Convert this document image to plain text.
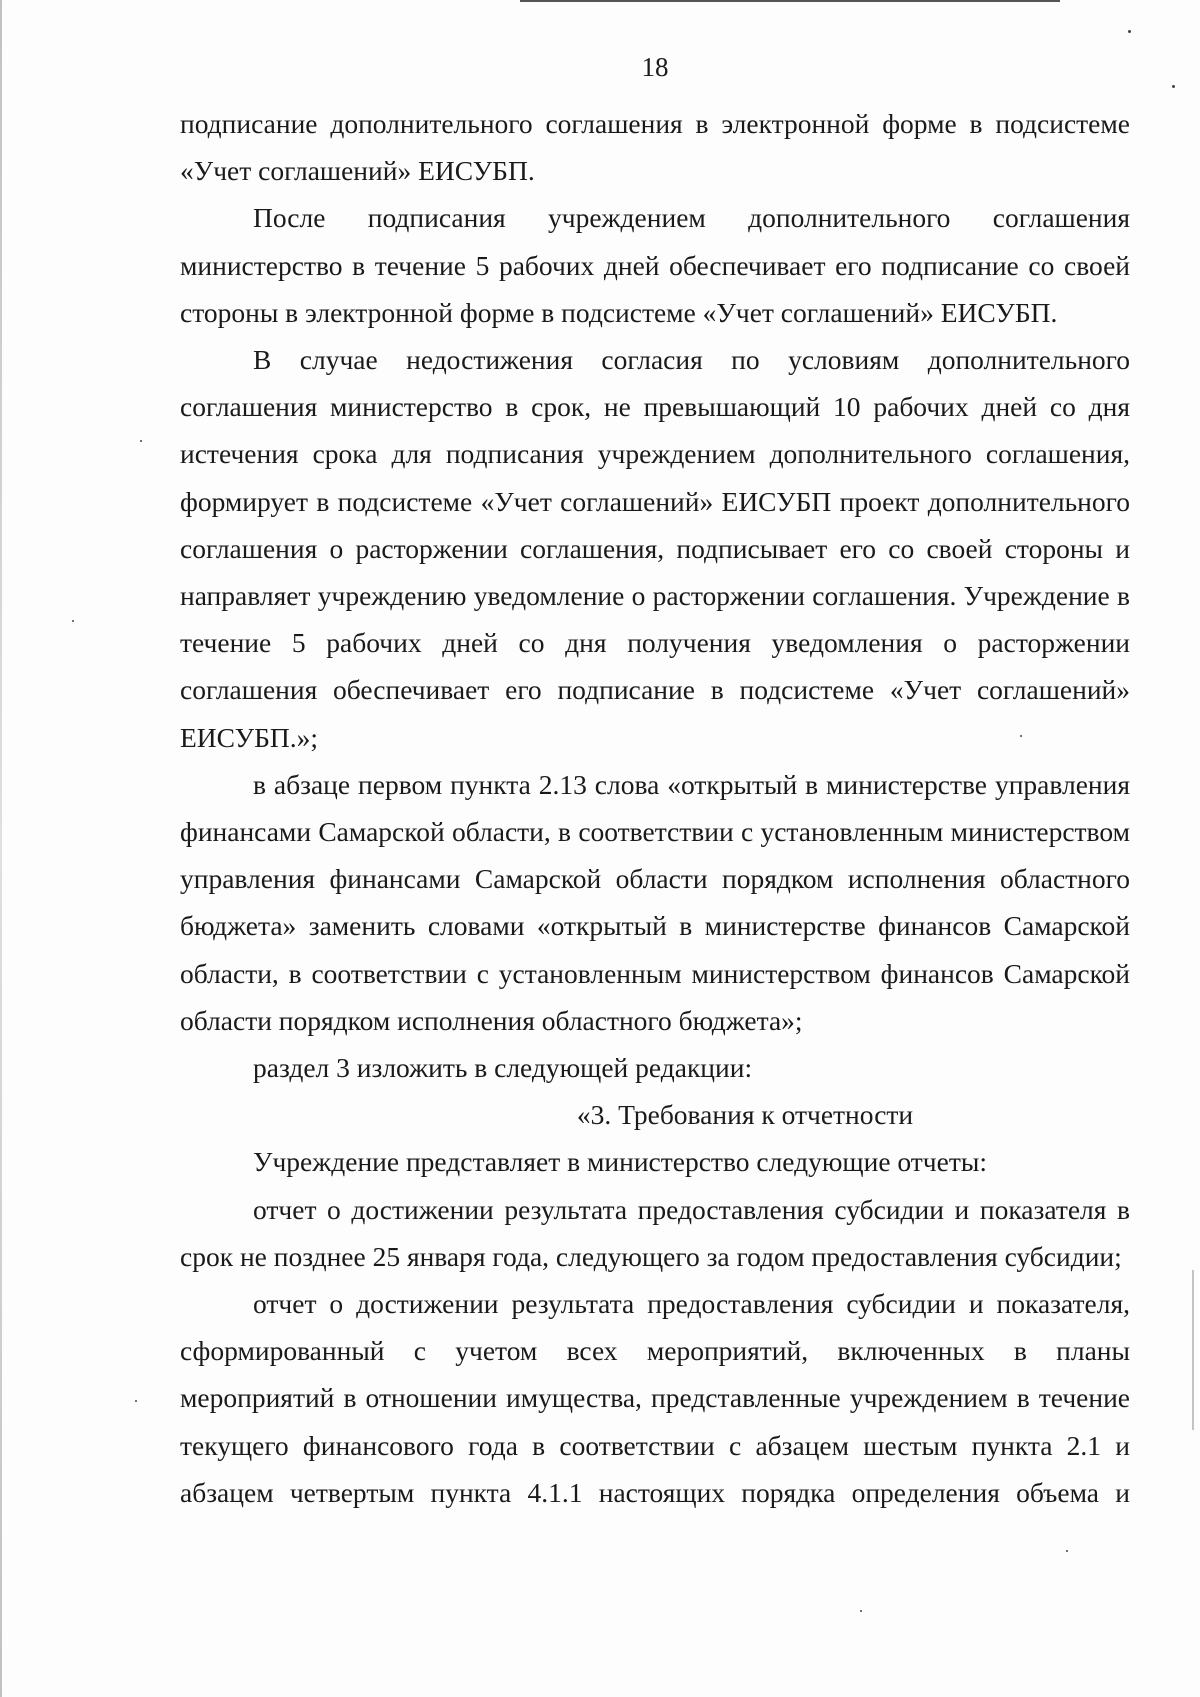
18

подписание дополнительного соглашения в электронной форме в подсистеме «Учет соглашений» ЕИСУБП.

После подписания учреждением дополнительного соглашения министерство в течение 5 рабочих дней обеспечивает его подписание со своей стороны в электронной форме в подсистеме «Учет соглашений» ЕИСУБП.

В случае недостижения согласия по условиям дополнительного соглашения министерство в срок, не превышающий 10 рабочих дней со дня истечения срока для подписания учреждением дополнительного соглашения, формирует в подсистеме «Учет соглашений» ЕИСУБП проект дополнительного соглашения о расторжении соглашения, подписывает его со своей стороны и направляет учреждению уведомление о расторжении соглашения. Учреждение в течение 5 рабочих дней со дня получения уведомления о расторжении соглашения обеспечивает его подписание в подсистеме «Учет соглашений» ЕИСУБП.»;

в абзаце первом пункта 2.13 слова «открытый в министерстве управления финансами Самарской области, в соответствии с установленным министерством управления финансами Самарской области порядком исполнения областного бюджета» заменить словами «открытый в министерстве финансов Самарской области, в соответствии с установленным министерством финансов Самарской области порядком исполнения областного бюджета»;

раздел 3 изложить в следующей редакции:

«3. Требования к отчетности

Учреждение представляет в министерство следующие отчеты:

отчет о достижении результата предоставления субсидии и показателя в срок не позднее 25 января года, следующего за годом предоставления субсидии;

отчет о достижении результата предоставления субсидии и показателя, сформированный с учетом всех мероприятий, включенных в планы мероприятий в отношении имущества, представленные учреждением в течение текущего финансового года в соответствии с абзацем шестым пункта 2.1 и абзацем четвертым пункта 4.1.1 настоящих порядка определения объема и
